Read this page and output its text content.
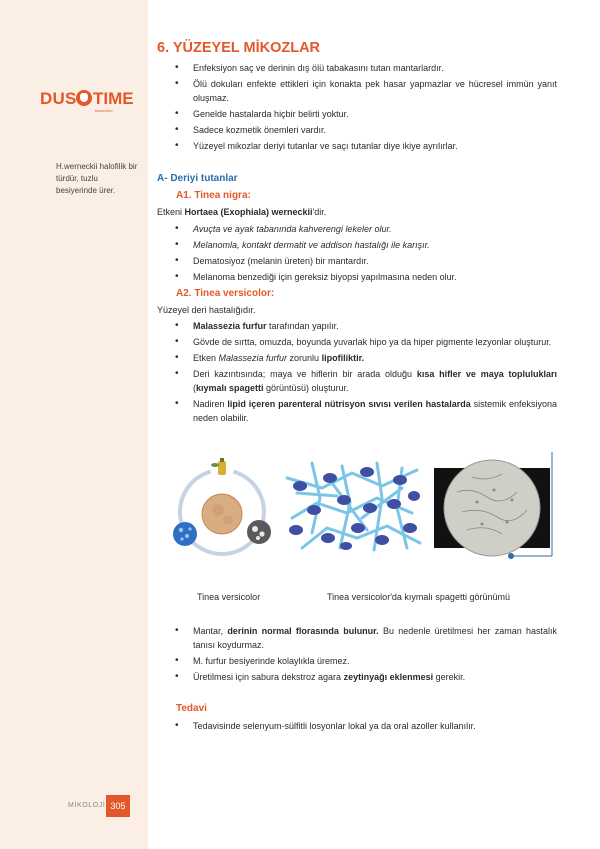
DUS TIME
kazandırır
H.werneckii halofilik bir türdür, tuzlu besiyerinde ürer.
MİKOLOJİ 305
6. YÜZEYEL MİKOZLAR
• Enfeksiyon saç ve derinin dış ölü tabakasını tutan mantarlardır.
• Ölü dokuları enfekte ettikleri için konakta pek hasar yapmazlar ve hücresel immün yanıt oluşmaz.
• Genelde hastalarda hiçbir belirti yoktur.
• Sadece kozmetik önemleri vardır.
• Yüzeyel mikozlar deriyi tutanlar ve saçı tutanlar diye ikiye ayrılırlar.
A- Deriyi tutanlar
A1. Tinea nigra:
Etkeni Hortaea (Exophiala) werneckii'dir.
• Avuçta ve ayak tabanında kahverengi lekeler olur.
• Melanomla, kontakt dermatit ve addison hastalığı ile karışır.
• Dematosiyoz (melanin üreten) bir mantardır.
• Melanoma benzediği için gereksiz biyopsi yapılmasına neden olur.
A2. Tinea versicolor:
Yüzeyel deri hastalığıdır.
• Malassezia furfur tarafından yapılır.
• Gövde de sırtta, omuzda, boyunda yuvarlak hipo ya da hiper pigmente lezyonlar oluşturur.
• Etken Malassezia furfur zorunlu lipofiliktir.
• Deri kazıntısında; maya ve hiflerin bir arada olduğu kısa hifler ve maya toplulukları (kıymalı spagetti görüntüsü) oluşturur.
• Nadiren lipid içeren parenteral nütrisyon sıvısı verilen hastalarda sistemik enfeksiyona neden olabilir.
Tinea versicolor	Tinea versicolor'da kıymalı spagetti görünümü
• Mantar, derinin normal florasında bulunur. Bu nedenle üretilmesi her zaman hastalık tanısı koydurmaz.
• M. furfur besiyerinde kolaylıkla üremez.
• Üretilmesi için sabura dekstroz agara zeytinyağı eklenmesi gerekir.
Tedavi
• Tedavisinde selenyum-sülfitli losyonlar lokal ya da oral azoller kullanılır.
